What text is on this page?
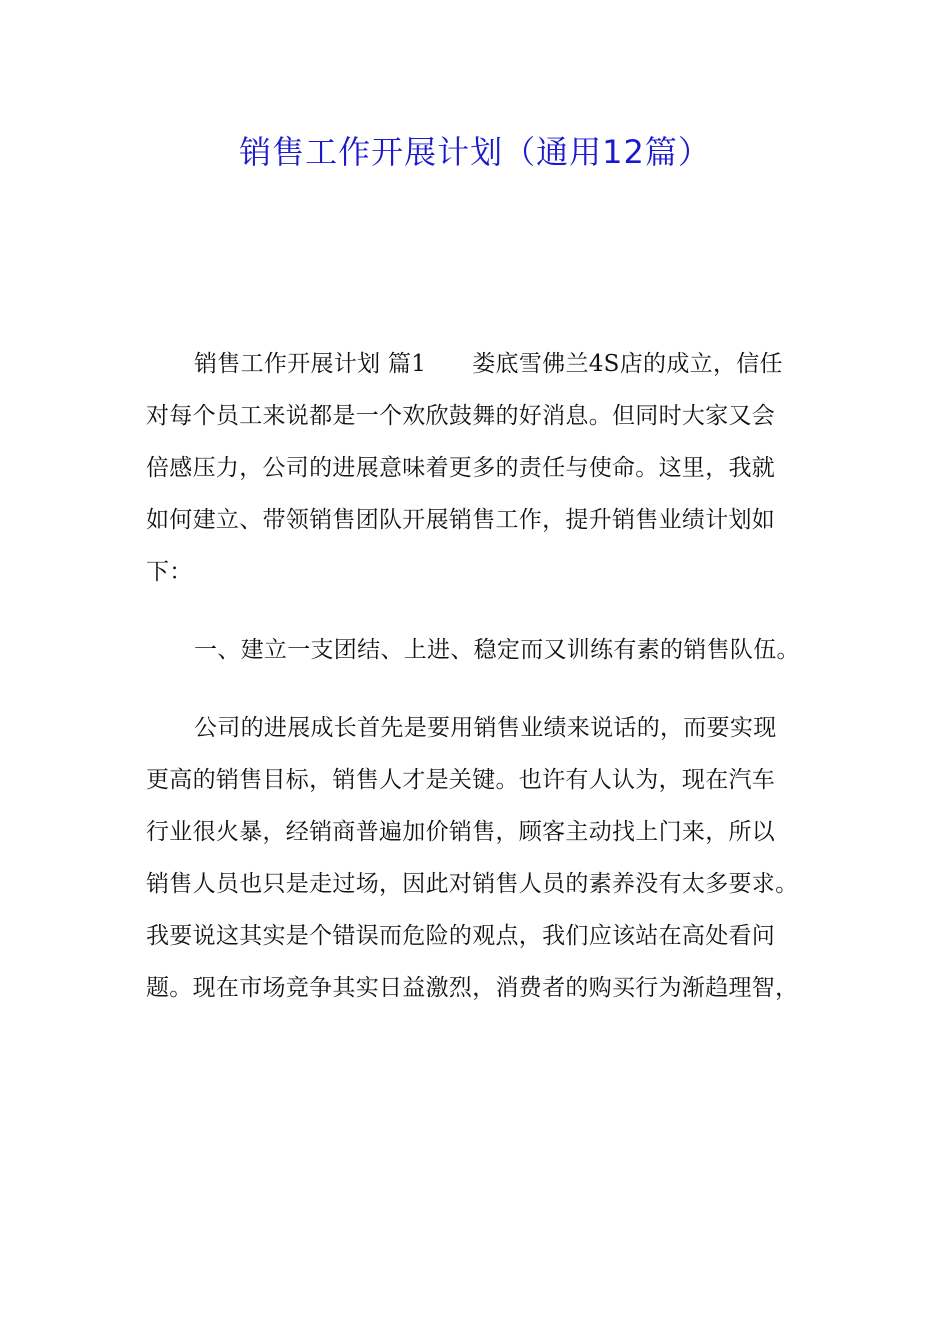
销售工作开展计划（通用12篇）
销售工作开展计划 篇1 娄底雪佛兰4S店的成立，信任
对每个员工来说都是一个欢欣鼓舞的好消息。但同时大家又会
倍感压力，公司的进展意味着更多的责任与使命。这里，我就
如何建立、带领销售团队开展销售工作，提升销售业绩计划如
下：
一、建立一支团结、上进、稳定而又训练有素的销售队伍。
公司的进展成长首先是要用销售业绩来说话的，而要实现
更高的销售目标，销售人才是关键。也许有人认为，现在汽车
行业很火暴，经销商普遍加价销售，顾客主动找上门来，所以
销售人员也只是走过场，因此对销售人员的素养没有太多要求。
我要说这其实是个错误而危险的观点，我们应该站在高处看问
题。现在市场竞争其实日益激烈，消费者的购买行为渐趋理智，
